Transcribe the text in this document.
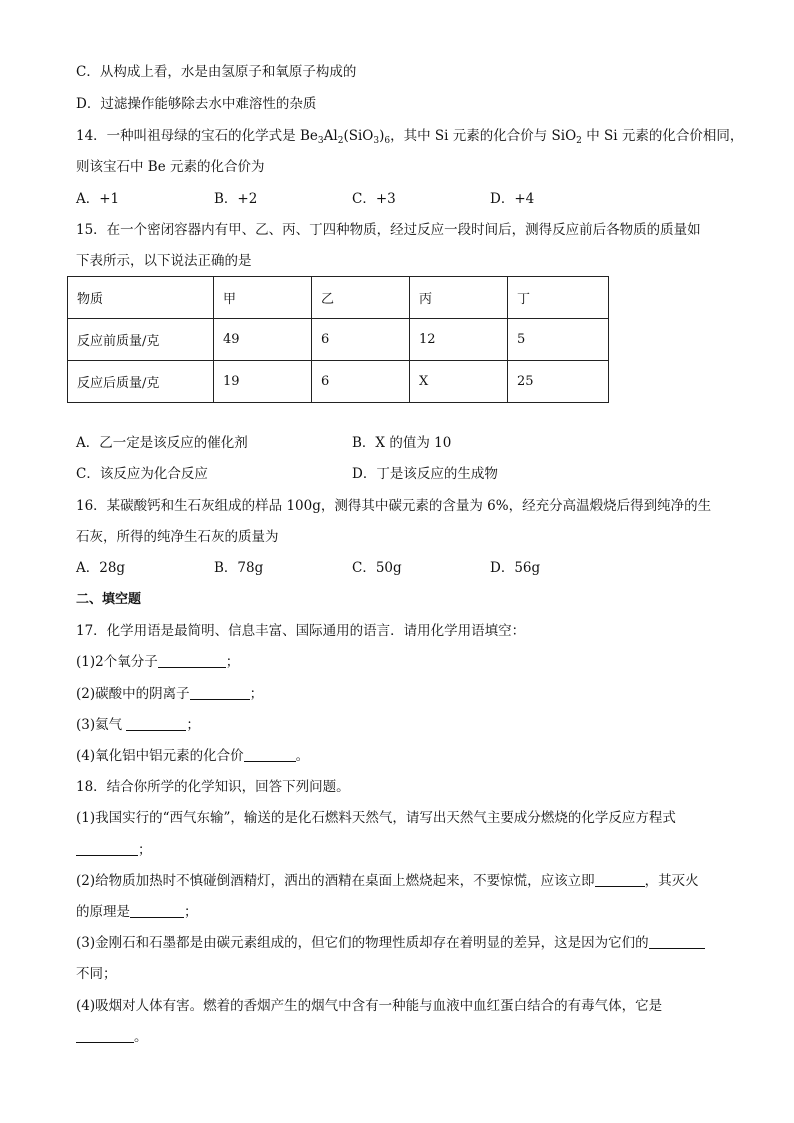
C．从构成上看，水是由氢原子和氧原子构成的
D．过滤操作能够除去水中难溶性的杂质
14．一种叫祖母绿的宝石的化学式是 $Be_3Al_2(SiO_3)_6$，其中 Si 元素的化合价与 SiO$_2$ 中 Si 元素的化合价相同，
则该宝石中 Be 元素的化合价为
A．+1	B．+2	C．+3	D．+4
15．在一个密闭容器内有甲、乙、丙、丁四种物质，经过反应一段时间后，测得反应前后各物质的质量如
下表所示，以下说法正确的是
物质	甲	乙	丙	丁
反应前质量/克	49	6	12	5
反应后质量/克	19	6	X	25
A．乙一定是该反应的催化剂	B．X 的值为 10
C．该反应为化合反应	D．丁是该反应的生成物
16．某碳酸钙和生石灰组成的样品 100g，测得其中碳元素的含量为 6%，经充分高温煅烧后得到纯净的生
石灰，所得的纯净生石灰的质量为
A．28g	B．78g	C．50g	D．56g
二、填空题
17．化学用语是最简明、信息丰富、国际通用的语言．请用化学用语填空：
(1)2个氧分子	；
(2)碳酸中的阴离子	；
(3)氦气	；
(4)氧化铝中铝元素的化合价	。
18．结合你所学的化学知识，回答下列问题。
(1)我国实行的“西气东输”，输送的是化石燃料天然气，请写出天然气主要成分燃烧的化学反应方程式
；
(2)给物质加热时不慎碰倒酒精灯，洒出的酒精在桌面上燃烧起来，不要惊慌，应该立即	，其灭火
的原理是	；
(3)金刚石和石墨都是由碳元素组成的，但它们的物理性质却存在着明显的差异，这是因为它们的
不同；
(4)吸烟对人体有害。燃着的香烟产生的烟气中含有一种能与血液中血红蛋白结合的有毒气体，它是
。
